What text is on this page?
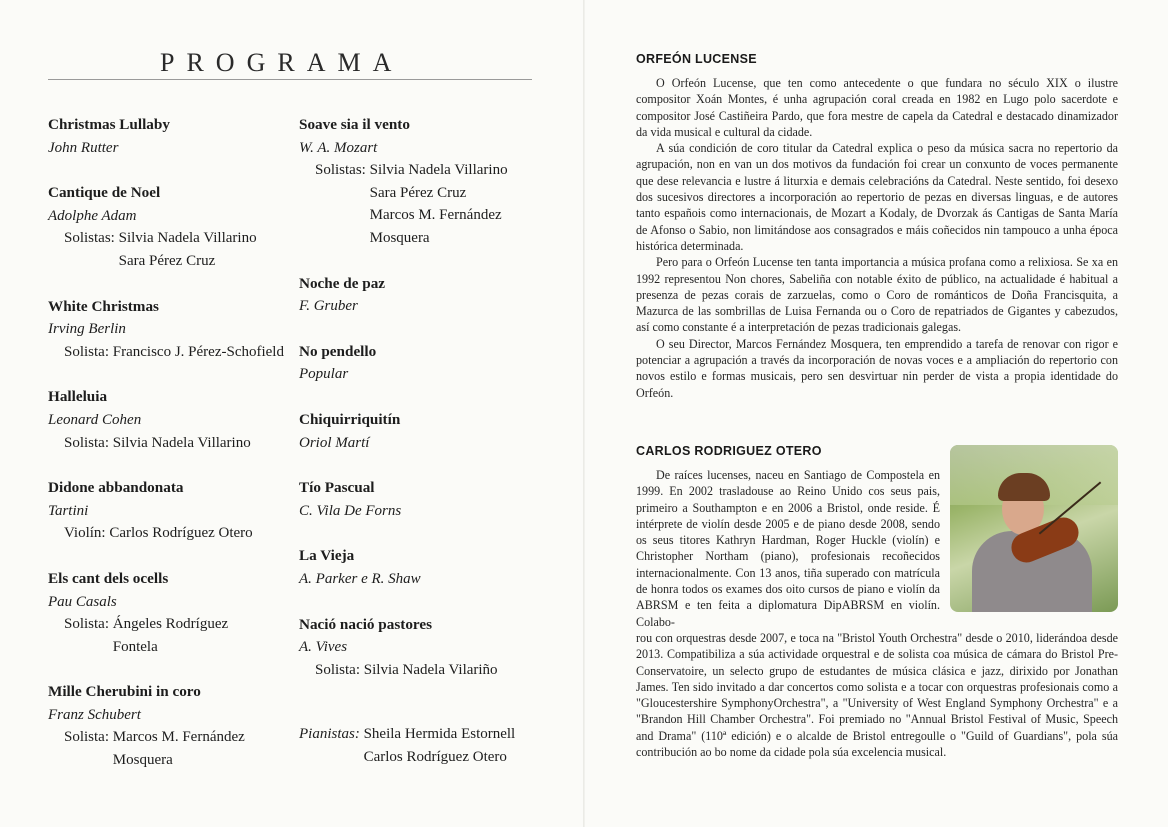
PROGRAMA
Christmas Lullaby
John Rutter
Cantique de Noel
Adolphe Adam
Solistas: Silvia Nadela Villarino
Sara Pérez Cruz
White Christmas
Irving Berlin
Solista: Francisco J. Pérez-Schofield
Halleluia
Leonard Cohen
Solista: Silvia Nadela Villarino
Didone abbandonata
Tartini
Violín: Carlos Rodríguez Otero
Els cant dels ocells
Pau Casals
Solista: Ángeles Rodríguez
Fontela
Mille Cherubini in coro
Franz Schubert
Solista: Marcos M. Fernández
Mosquera
Soave sia il vento
W. A. Mozart
Solistas: Silvia Nadela Villarino
Sara Pérez Cruz
Marcos M. Fernández
Mosquera
Noche de paz
F. Gruber
No pendello
Popular
Chiquirriquitín
Oriol Martí
Tío Pascual
C. Vila De Forns
La Vieja
A. Parker e R. Shaw
Nació nació pastores
A. Vives
Solista: Silvia Nadela Vilariño
Pianistas: Sheila Hermida Estornell
Carlos Rodríguez Otero
ORFEÓN LUCENSE

O Orfeón Lucense, que ten como antecedente o que fundara no século XIX o ilustre compositor Xoán Montes, é unha agrupación coral creada en 1982 en Lugo polo sacerdote e compositor José Castiñeira Pardo, que fora mestre de capela da Catedral e destacado dinamizador da vida musical e cultural da cidade.

A súa condición de coro titular da Catedral explica o peso da música sacra no repertorio da agrupación, non en van un dos motivos da fundación foi crear un conxunto de voces permanente que dese relevancia e lustre á liturxia e demais celebracións da Catedral. Neste sentido, foi desexo dos sucesivos directores a incorporación ao repertorio de pezas en diversas linguas, e de autores tanto españois como internacionais, de Mozart a Kodaly, de Dvorzak ás Cantigas de Santa María de Afonso o Sabio, non limitándose aos consagrados e máis coñecidos nin tampouco a unha época histórica determinada.

Pero para o Orfeón Lucense ten tanta importancia a música profana como a relixiosa. Se xa en 1992 representou Non chores, Sabeliña con notable éxito de público, na actualidade é habitual a presenza de pezas corais de zarzuelas, como o Coro de románticos de Doña Francisquita, a Mazurca de las sombrillas de Luisa Fernanda ou o Coro de repatriados de Gigantes y cabezudos, así como constante é a interpretación de pezas tradicionais galegas.

O seu Director, Marcos Fernández Mosquera, ten emprendido a tarefa de renovar con rigor e potenciar a agrupación a través da incorporación de novas voces e a ampliación do repertorio con novos estilo e formas musicais, pero sen desvirtuar nin perder de vista a propia identidade do Orfeón.

CARLOS RODRIGUEZ OTERO

De raíces lucenses, naceu en Santiago de Compostela en 1999. En 2002 trasladouse ao Reino Unido cos seus pais, primeiro a Southampton e en 2006 a Bristol, onde reside. É intérprete de violín desde 2005 e de piano desde 2008, sendo os seus titores Kathryn Hardman, Roger Huckle (violín) e Christopher Northam (piano), profesionais recoñecidos internacionalmente. Con 13 anos, tiña superado con matrícula de honra todos os exames dos oito cursos de piano e violín da ABRSM e ten feita a diplomatura DipABRSM en violín. Colabo-

rou con orquestras desde 2007, e toca na "Bristol Youth Orchestra" desde o 2010, liderándoa desde 2013. Compatibiliza a súa actividade orquestral e de solista coa música de cámara do Bristol Pre-Conservatoire, un selecto grupo de estudantes de música clásica e jazz, dirixido por Jonathan James. Ten sido invitado a dar concertos como solista e a tocar con orquestras profesionais como a "Gloucestershire SymphonyOrchestra", a "University of West England Symphony Orchestra" e a "Brandon Hill Chamber Orchestra". Foi premiado no "Annual Bristol Festival of Music, Speech and Drama" (110ª edición) e o alcalde de Bristol entregoulle o "Guild of Guardians", pola súa contribución ao bo nome da cidade pola súa excelencia musical.
